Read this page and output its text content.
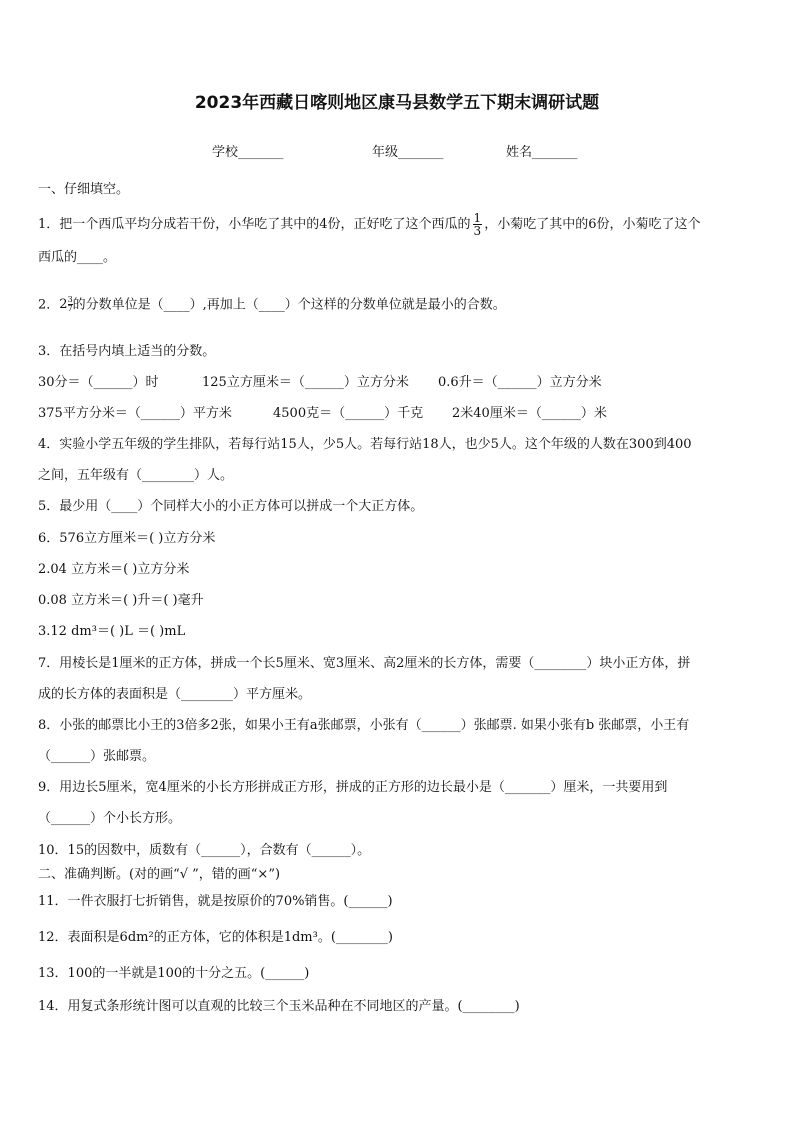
2023年西藏日喀则地区康马县数学五下期末调研试题
学校_______	年级_______	姓名_______
一、仔细填空。
1．把一个西瓜平均分成若干份，小华吃了其中的4份，正好吃了这个西瓜的 $\frac{1}{3}$ ，小菊吃了其中的6份，小菊吃了这个
西瓜的____。
2．$2 \frac{3}{7}$ 的分数单位是（____）,再加上（____）个这样的分数单位就是最小的合数。
3．在括号内填上适当的分数。
30分＝（______）时	125立方厘米＝（______）立方分米 0.6升＝（______）立方分米
375平方分米＝（______）平方米	4500克＝（______）千克 2米40厘米＝（______）米
4．实验小学五年级的学生排队，若每行站15人，少5人。若每行站18人，也少5人。这个年级的人数在300到400
之间，五年级有（________）人。
5．最少用（____）个同样大小的小正方体可以拼成一个大正方体。
6．576立方厘米＝( )立方分米
2.04 立方米＝( )立方分米
0.08 立方米＝( )升＝( )毫升
3.12 dm³＝( )L ＝( )mL
7．用棱长是1厘米的正方体，拼成一个长5厘米、宽3厘米、高2厘米的长方体，需要（________）块小正方体，拼
成的长方体的表面积是（________）平方厘米。
8．小张的邮票比小王的3倍多2张，如果小王有a张邮票，小张有（______）张邮票. 如果小张有b 张邮票，小王有
（______）张邮票。
9．用边长5厘米，宽4厘米的小长方形拼成正方形，拼成的正方形的边长最小是（_______）厘米，一共要用到
（______）个小长方形。
10．15的因数中，质数有（______），合数有（______）。
二、准确判断。(对的画“√ ”，错的画“×”)
11．一件衣服打七折销售，就是按原价的70%销售。(______)
12．表面积是6dm²的正方体，它的体积是1dm³。(________)
13．100的一半就是100的十分之五。(______)
14．用复式条形统计图可以直观的比较三个玉米品种在不同地区的产量。(________)
